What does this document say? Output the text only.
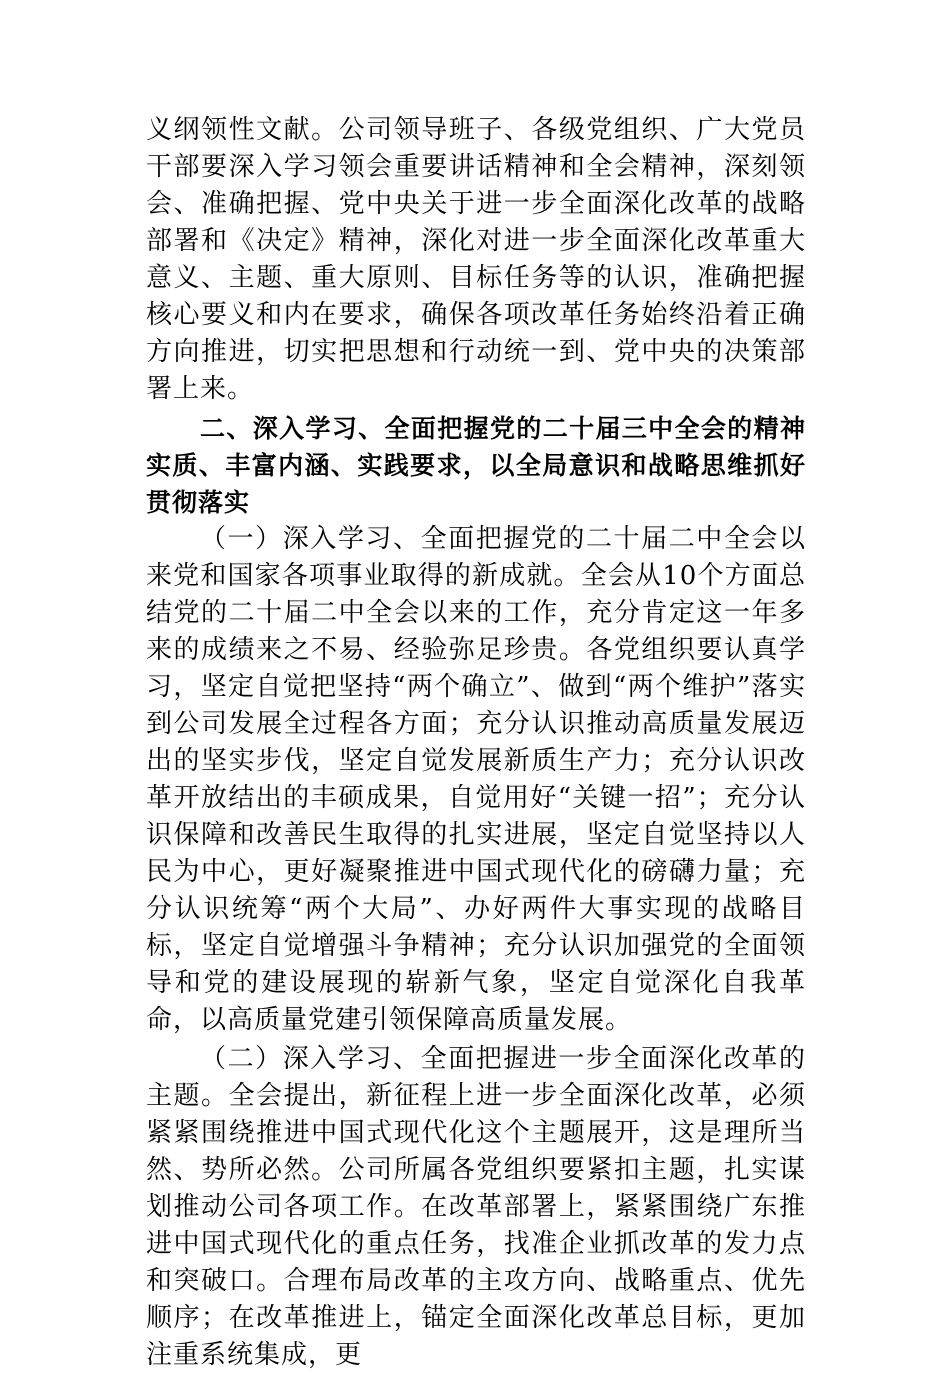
义纲领性文献。公司领导班子、各级党组织、广大党员干部要深入学习领会重要讲话精神和全会精神，深刻领会、准确把握、党中央关于进一步全面深化改革的战略部署和《决定》精神，深化对进一步全面深化改革重大意义、主题、重大原则、目标任务等的认识，准确把握核心要义和内在要求，确保各项改革任务始终沿着正确方向推进，切实把思想和行动统一到、党中央的决策部署上来。

二、深入学习、全面把握党的二十届三中全会的精神实质、丰富内涵、实践要求，以全局意识和战略思维抓好贯彻落实

（一）深入学习、全面把握党的二十届二中全会以来党和国家各项事业取得的新成就。全会从10个方面总结党的二十届二中全会以来的工作，充分肯定这一年多来的成绩来之不易、经验弥足珍贵。各党组织要认真学习，坚定自觉把坚持“两个确立”、做到“两个维护”落实到公司发展全过程各方面；充分认识推动高质量发展迈出的坚实步伐，坚定自觉发展新质生产力；充分认识改革开放结出的丰硕成果，自觉用好“关键一招”；充分认识保障和改善民生取得的扎实进展，坚定自觉坚持以人民为中心，更好凝聚推进中国式现代化的磅礴力量；充分认识统筹“两个大局”、办好两件大事实现的战略目标，坚定自觉增强斗争精神；充分认识加强党的全面领导和党的建设展现的崭新气象，坚定自觉深化自我革命，以高质量党建引领保障高质量发展。

（二）深入学习、全面把握进一步全面深化改革的主题。全会提出，新征程上进一步全面深化改革，必须紧紧围绕推进中国式现代化这个主题展开，这是理所当然、势所必然。公司所属各党组织要紧扣主题，扎实谋划推动公司各项工作。在改革部署上，紧紧围绕广东推进中国式现代化的重点任务，找准企业抓改革的发力点和突破口。合理布局改革的主攻方向、战略重点、优先顺序；在改革推进上，锚定全面深化改革总目标，更加注重系统集成，更
